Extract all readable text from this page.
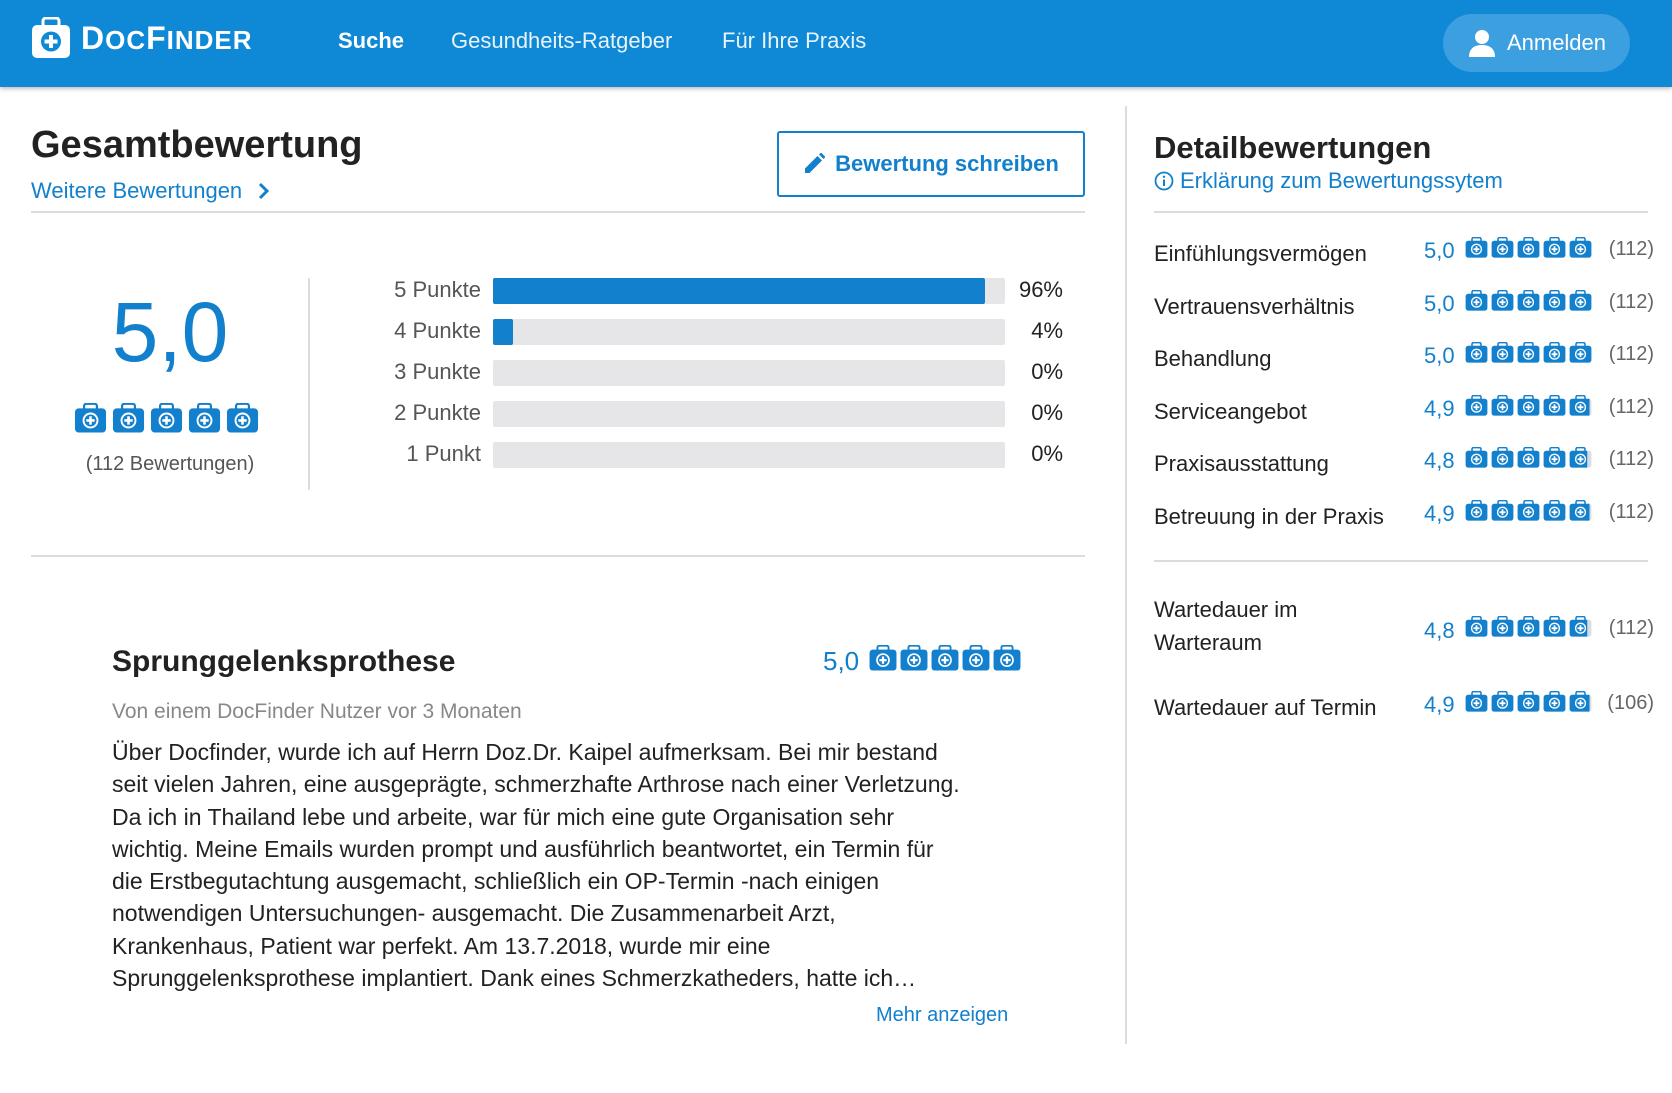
DOCFINDER	Suche Gesundheits-Ratgeber Für Ihre Praxis	Anmelden
Gesamtbewertung
Weitere Bewertungen
Bewertung schreiben
5,0
(112 Bewertungen)
5 Punkte	96%
4 Punkte	4%
3 Punkte	0%
2 Punkte	0%
1 Punkt	0%
Sprunggelenksprothese	5,0
Von einem DocFinder Nutzer vor 3 Monaten
Über Docfinder, wurde ich auf Herrn Doz.Dr. Kaipel aufmerksam. Bei mir bestand
seit vielen Jahren, eine ausgeprägte, schmerzhafte Arthrose nach einer Verletzung.
Da ich in Thailand lebe und arbeite, war für mich eine gute Organisation sehr
wichtig. Meine Emails wurden prompt und ausführlich beantwortet, ein Termin für
die Erstbegutachtung ausgemacht, schließlich ein OP-Termin -nach einigen
notwendigen Untersuchungen- ausgemacht. Die Zusammenarbeit Arzt,
Krankenhaus, Patient war perfekt. Am 13.7.2018, wurde mir eine
Sprunggelenksprothese implantiert. Dank eines Schmerzkatheders, hatte ich…
Mehr anzeigen
Detailbewertungen
Erklärung zum Bewertungssytem
Einfühlungsvermögen	5,0	(112)
Vertrauensverhältnis	5,0	(112)
Behandlung	5,0	(112)
Serviceangebot	4,9	(112)
Praxisausstattung	4,8	(112)
Betreuung in der Praxis 4,9	(112)
Wartedauer im
Warteraum	4,8	(112)
Wartedauer auf Termin 4,9	(106)
